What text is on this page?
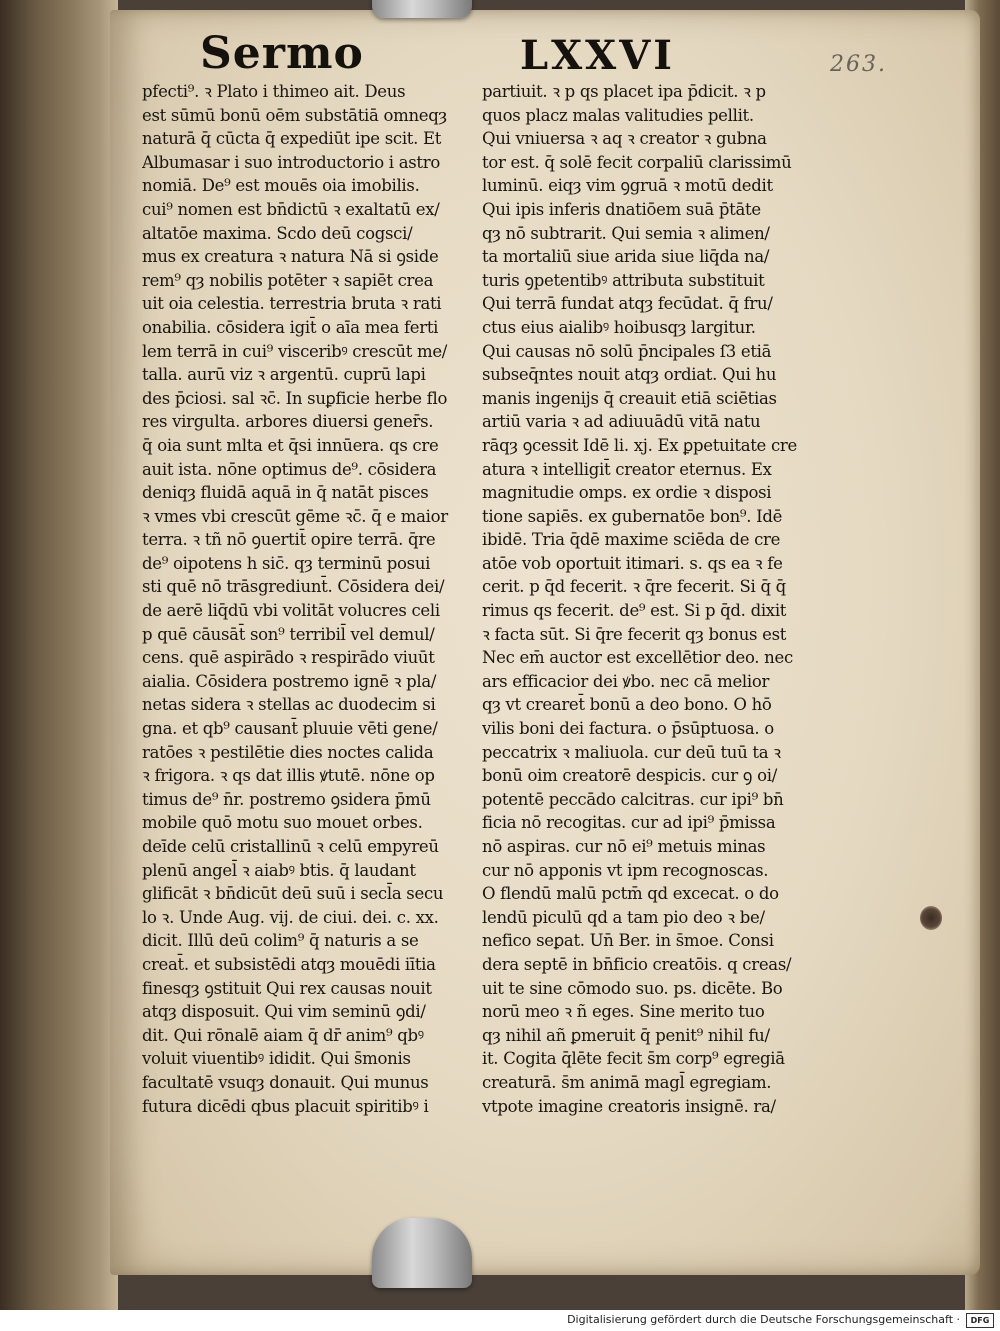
Sermo
	LXXVI	263.
pfecti⁹. ꝛ Plato i thimeo ait. Deus
est sūmū bonū oēm substātiā omneqȝ
naturā q̄ cūcta q̄ expediūt ipe scit. Et
Albumasar i suo introductorio i astro
nomiā. De⁹ est mouēs oia imobilis.
cui⁹ nomen est bn̄dictū ꝛ exaltatū ex/
altatōe maxima. Scdo deū cogsci/
mus ex creatura ꝛ natura Nā si ꝯside
rem⁹ qȝ nobilis potēter ꝛ sapiēt crea
uit oia celestia. terrestria bruta ꝛ rati
onabilia. cōsidera igit̄ o aīa mea ferti
lem terrā in cui⁹ visceribꝰ crescūt me/
talla. aurū viz ꝛ argentū. cuprū lapi
des p̄ciosi. sal ꝛc̄. In suꝑficie herbe flo
res virgulta. arbores diuersi gener̄s.
q̄ oia sunt mlta et q̄si innūera. qs cre
auit ista. nōne optimus de⁹. cōsidera
deniqȝ fluidā aquā in q̄ natāt pisces
ꝛ vmes vbi crescūt gēme ꝛc̄. q̄ e maior
terra. ꝛ tñ nō ꝯuertit̄ opire terrā. q̄re
de⁹ oipotens h sic̄. qȝ terminū posui
sti quē nō trāsgrediunt̄. Cōsidera dei/
de aerē liq̄dū vbi volitāt volucres celi
p quē cāusāt̄ son⁹ terribil̄ vel demul/
cens. quē aspirādo ꝛ respirādo viuūt
aialia. Cōsidera postremo ignē ꝛ pla/
netas sidera ꝛ stellas ac duodecim si
gna. et qb⁹ causant̄ pluuie vēti gene/
ratōes ꝛ pestilētie dies noctes calida
ꝛ frigora. ꝛ qs dat illis ꝟtutē. nōne op
timus de⁹ n̄r. postremo ꝯsidera p̄mū
mobile quō motu suo mouet orbes.
deīde celū cristallinū ꝛ celū empyreū
plenū angel̄ ꝛ aiabꝰ btis. q̄ laudant
glificāt ꝛ bn̄dicūt deū suū i secl̄a secu
lo ꝛ. Unde Aug. vij. de ciui. dei. c. xx.
dicit. Illū deū colim⁹ q̄ naturis a se
creat̄. et subsistēdi atqȝ mouēdi iītia
finesqȝ ꝯstituit Qui rex causas nouit
atqȝ disposuit. Qui vim seminū ꝯdi/
dit. Qui rōnalē aiam q̄ dr̄ anim⁹ qbꝰ
voluit viuentibꝰ ididit. Qui s̄monis
facultatē vsuqȝ donauit. Qui munus
futura dicēdi qbus placuit spiritibꝰ i
partiuit. ꝛ p qs placet ipa p̄dicit. ꝛ p
quos placz malas valitudies pellit.
Qui vniuersa ꝛ aq ꝛ creator ꝛ gubna
tor est. q̄ solē fecit corpaliū clarissimū
luminū. eiqȝ vim ꝯgruā ꝛ motū dedit
Qui ipis inferis dnatiōem suā p̄tāte
qȝ nō subtrarit. Qui semia ꝛ alimen/
ta mortaliū siue arida siue liq̄da na/
turis ꝯpetentibꝰ attributa substituit
Qui terrā fundat atqȝ fecūdat. q̄ fru/
ctus eius aialibꝰ hoibusqȝ largitur.
Qui causas nō solū p̄ncipales ſ3 etiā
subseq̄ntes nouit atqȝ ordiat. Qui hu
manis ingenijs q̄ creauit etiā sciētias
artiū varia ꝛ ad adiuuādū vitā natu
rāqȝ ꝯcessit Idē li. xj. Ex ꝑpetuitate cre
atura ꝛ intelligit̄ creator eternus. Ex
magnitudie omps. ex ordie ꝛ disposi
tione sapiēs. ex gubernatōe bon⁹. Idē
ibidē. Tria q̄dē maxime sciēda de cre
atōe vob oportuit itimari. s. qs ea ꝛ fe
cerit. p q̄d fecerit. ꝛ q̄re fecerit. Si q̄ q̄
rimus qs fecerit. de⁹ est. Si p q̄d. dixit
ꝛ facta sūt. Si q̄re fecerit qȝ bonus est
Nec em̄ auctor est excellētior deo. nec
ars efficacior dei ꝟbo. nec cā melior
qȝ vt crearet̄ bonū a deo bono. O hō
vilis boni dei factura. o p̄sūptuosa. o
peccatrix ꝛ maliuola. cur deū tuū ta ꝛ
bonū oim creatorē despicis. cur ꝯ oi/
potentē peccādo calcitras. cur ipi⁹ bn̄
ficia nō recogitas. cur ad ipi⁹ p̄missa
nō aspiras. cur nō ei⁹ metuis minas
cur nō apponis vt ipm recognoscas.
O flendū malū pctm̄ qd excecat. o do
lendū piculū qd a tam pio deo ꝛ be/
nefico seꝑat. Un̄ Ber. in s̄moe. Consi
dera septē in bn̄ficio creatōis. q creas/
uit te sine cōmodo suo. ps. dicēte. Bo
norū meo ꝛ ñ eges. Sine merito tuo
qȝ nihil añ ꝑmeruit q̄ penit⁹ nihil fu/
it. Cogita q̄lēte fecit s̄m corp⁹ egregiā
creaturā. s̄m animā magl̄ egregiam.
vtpote imagine creatoris insignē. ra/
Digitalisierung gefördert durch die Deutsche Forschungsgemeinschaft ·	DFG
